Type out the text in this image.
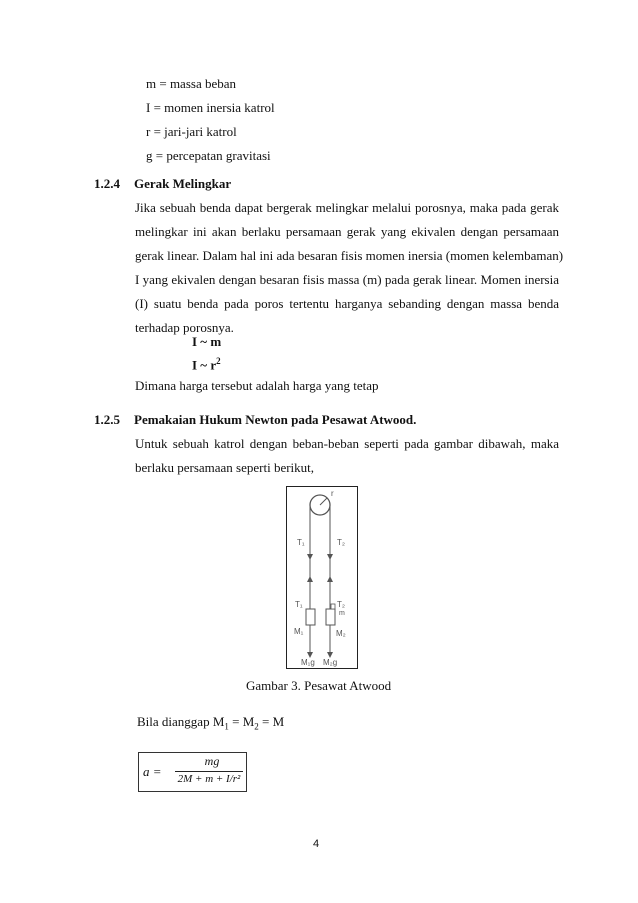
m = massa beban
I = momen inersia katrol
r = jari-jari katrol
g = percepatan gravitasi
1.2.4 Gerak Melingkar
Jika sebuah benda dapat bergerak melingkar melalui porosnya, maka pada gerak
melingkar ini akan berlaku persamaan gerak yang ekivalen dengan persamaan
gerak linear. Dalam hal ini ada besaran fisis momen inersia (momen kelembaman)
I yang ekivalen dengan besaran fisis massa (m) pada gerak linear. Momen inersia
(I) suatu benda pada poros tertentu harganya sebanding dengan massa benda
terhadap porosnya.
I ~ m
I ~ $r^2$
Dimana harga tersebut adalah harga yang tetap
1.2.5 Pemakaian Hukum Newton pada Pesawat Atwood.
Untuk sebuah katrol dengan beban-beban seperti pada gambar dibawah, maka
berlaku persamaan seperti berikut,
r
T₁	T₂
T₁	T₂
m
M₁	M₂
M₁g M₂g
Gambar 3. Pesawat Atwood
Bila dianggap $M_1 = M_2 = M$
a =
mg
2M + m + I/r²
4
